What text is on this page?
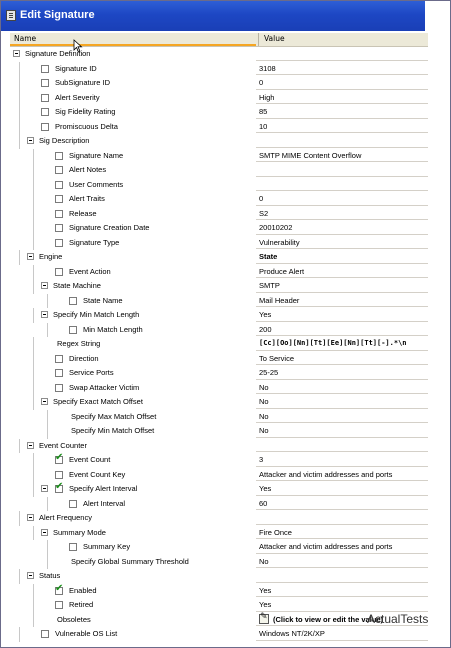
Edit Signature
Name	Value
Signature Definition
Signature ID	3108
SubSignature ID	0
Alert Severity	High
Sig Fidelity Rating	85
Promiscuous Delta	10
Sig Description
Signature Name	SMTP MIME Content Overflow
Alert Notes
User Comments
Alert Traits	0
Release	S2
Signature Creation Date	20010202
Signature Type	Vulnerability
Engine	State
Event Action	Produce Alert
State Machine	SMTP
State Name	Mail Header
Specify Min Match Length	Yes
Min Match Length	200
Regex String	[Cc][Oo][Nn][Tt][Ee][Nn][Tt][-].*\n
Direction	To Service
Service Ports	25-25
Swap Attacker Victim	No
Specify Exact Match Offset	No
Specify Max Match Offset	No
Specify Min Match Offset	No
Event Counter
✔
Event Count	3
Event Count Key	Attacker and victim addresses and ports
✔
Specify Alert Interval	Yes
Alert Interval	60
Alert Frequency
Summary Mode	Fire Once
Summary Key	Attacker and victim addresses and ports
Specify Global Summary Threshold	No
Status
✔
Enabled	Yes
Retired	Yes
Obsoletes ✎	(Click to view or edit the value)
Vulnerable OS List	Windows NT/2K/XP
ActualTests
